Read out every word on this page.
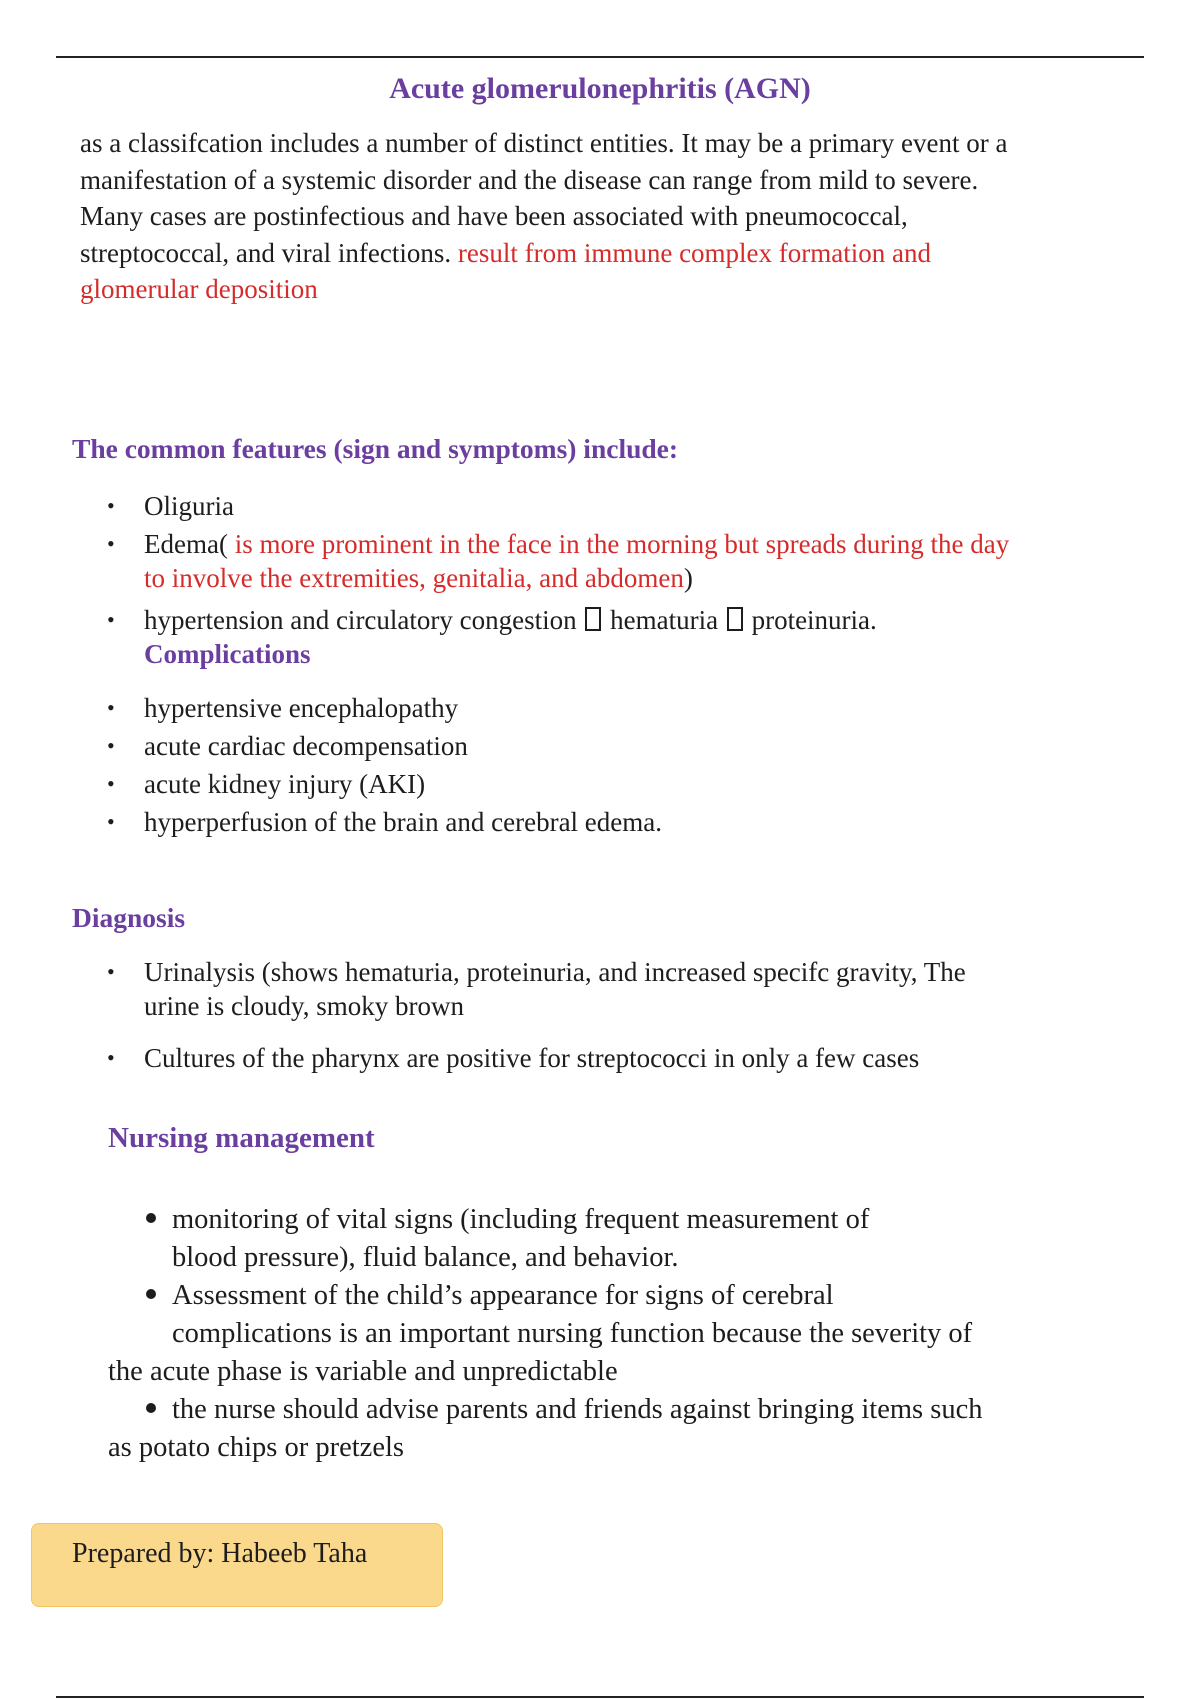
Acute glomerulonephritis (AGN)
as a classifcation includes a number of distinct entities. It may be a primary event or a
manifestation of a systemic disorder and the disease can range from mild to severe.
Many cases are postinfectious and have been associated with pneumococcal,
streptococcal, and viral infections. result from immune complex formation and
glomerular deposition
The common features (sign and symptoms) include:
• Oliguria
• Edema( is more prominent in the face in the morning but spreads during the day
to involve the extremities, genitalia, and abdomen)
• hypertension and circulatory congestion  hematuria  proteinuria.
Complications
• hypertensive encephalopathy
• acute cardiac decompensation
• acute kidney injury (AKI)
• hyperperfusion of the brain and cerebral edema.
Diagnosis
• Urinalysis (shows hematuria, proteinuria, and increased specifc gravity, The
urine is cloudy, smoky brown
• Cultures of the pharynx are positive for streptococci in only a few cases
Nursing management
monitoring of vital signs (including frequent measurement of
blood pressure), fluid balance, and behavior.
Assessment of the child’s appearance for signs of cerebral
complications is an important nursing function because the severity of
the acute phase is variable and unpredictable
the nurse should advise parents and friends against bringing items such
as potato chips or pretzels
Prepared by: Habeeb Taha
